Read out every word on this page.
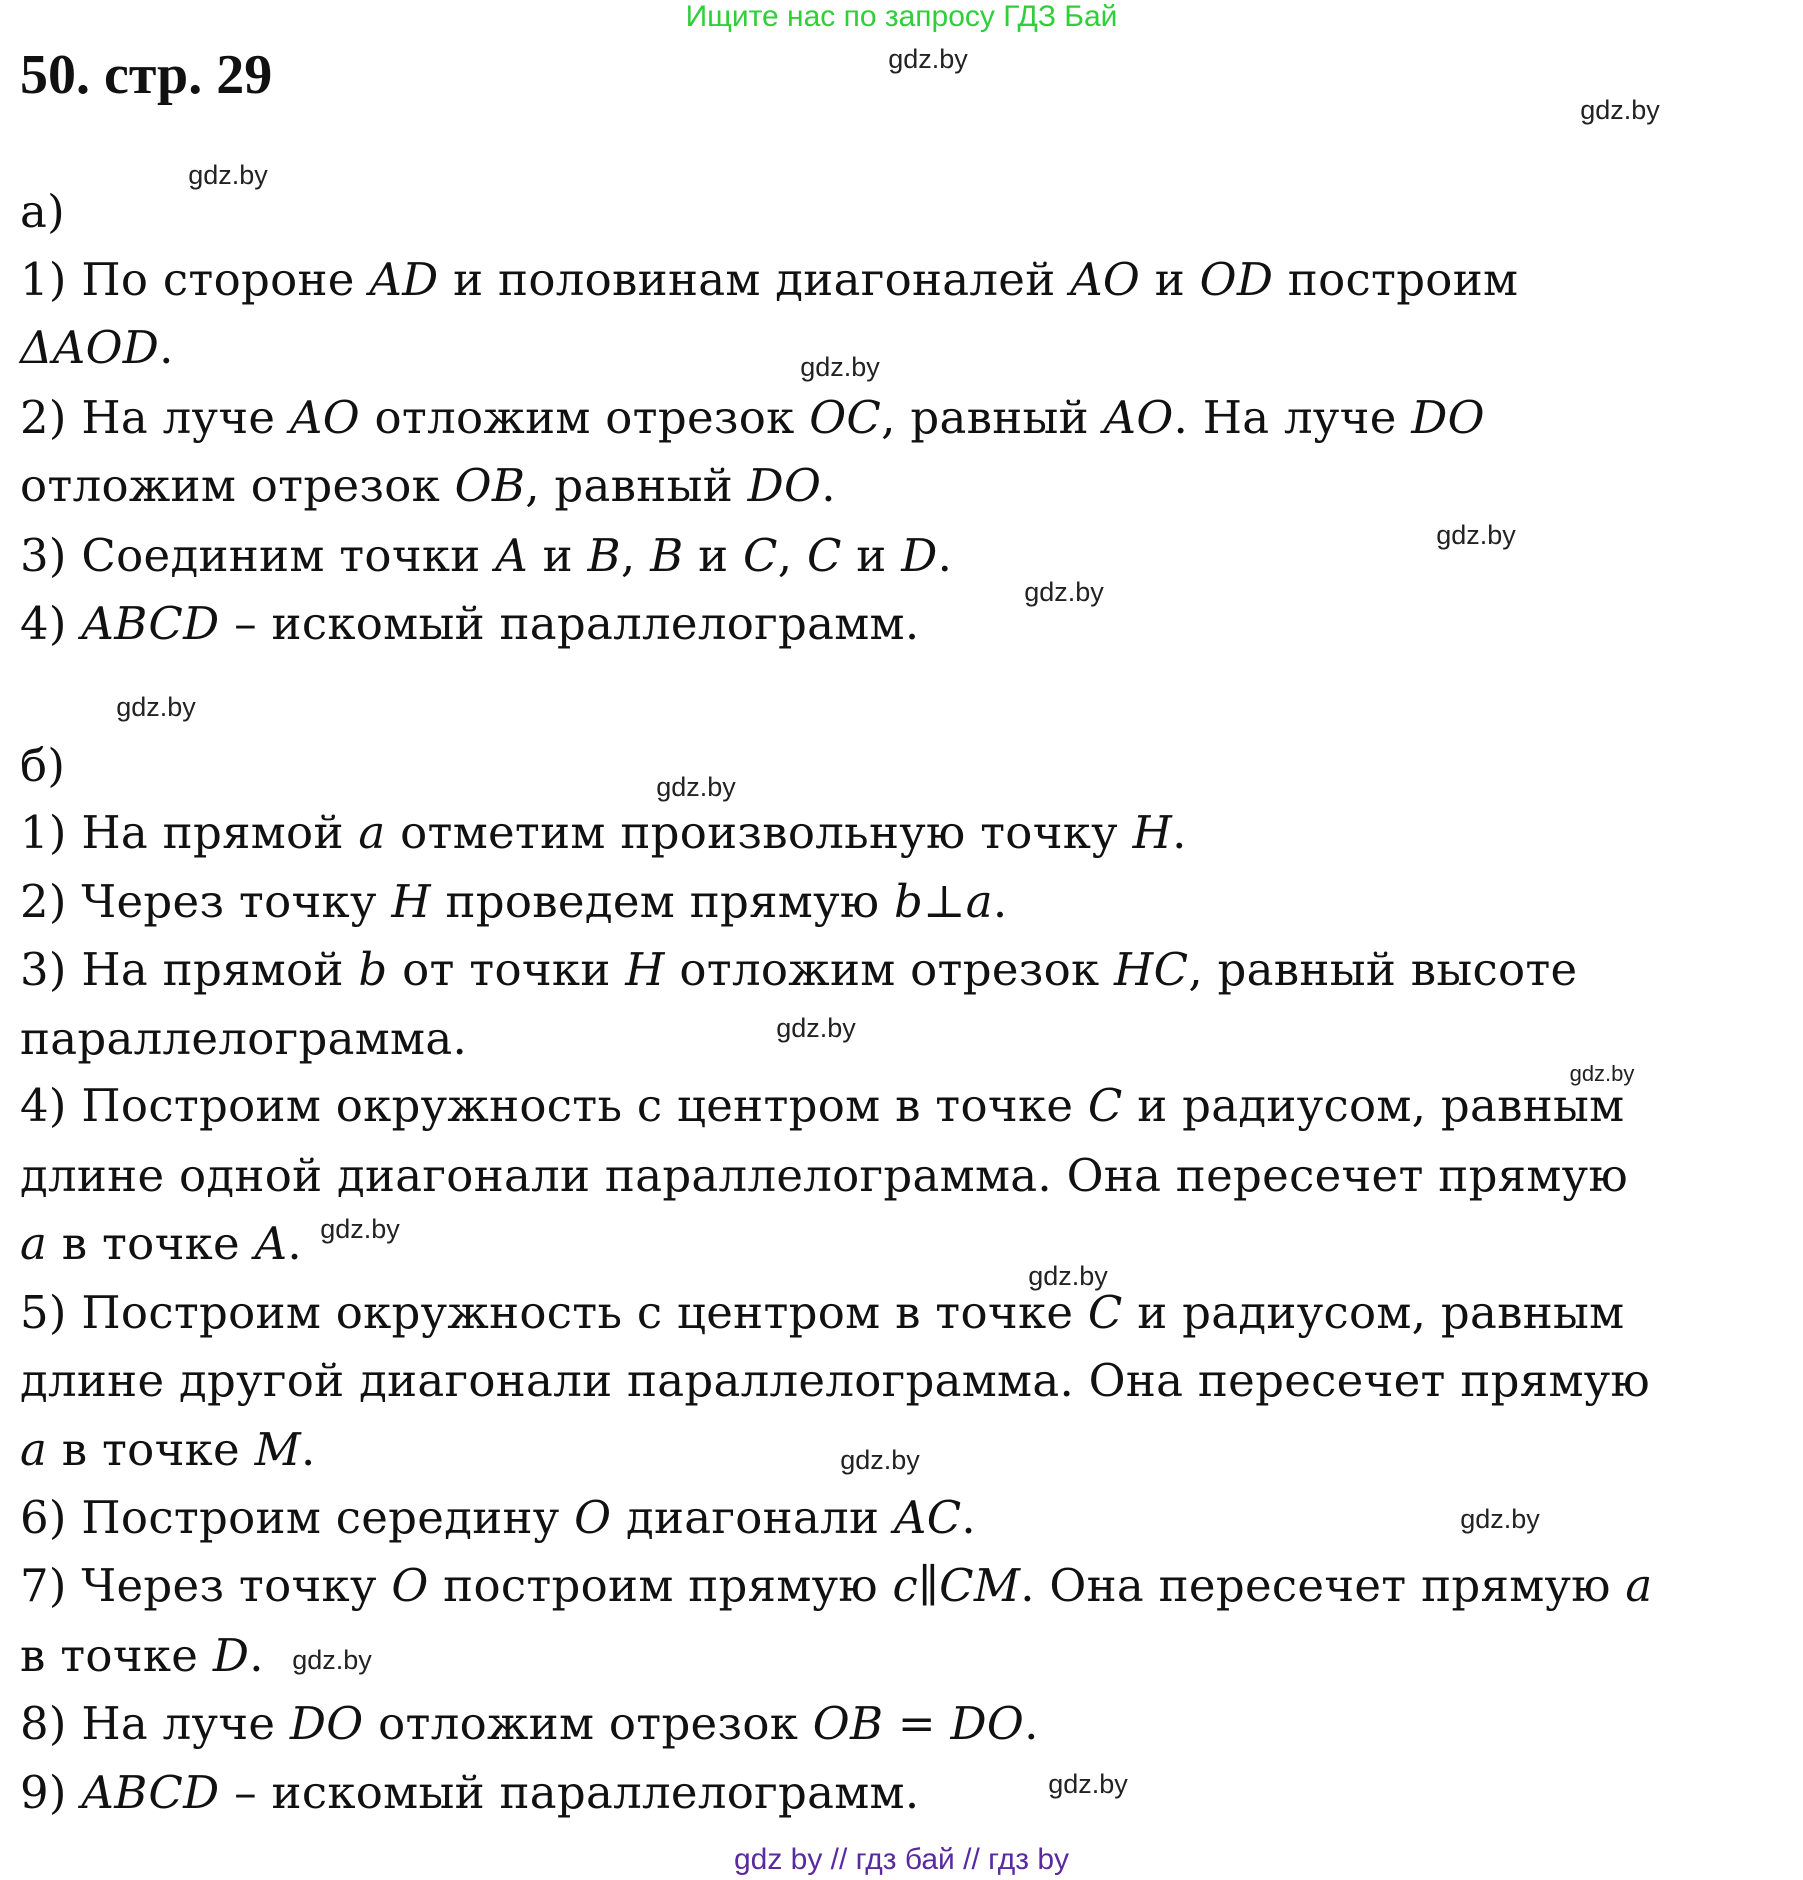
Ищите нас по запросу ГДЗ Бай
50. стр. 29
а)
1) По стороне AD и половинам диагоналей AO и OD построим
ΔAOD.
2) На луче AO отложим отрезок OC, равный AO. На луче DO
отложим отрезок OB, равный DO.
3) Соединим точки A и B, B и C, C и D.
4) ABCD – искомый параллелограмм.
б)
1) На прямой a отметим произвольную точку H.
2) Через точку H проведем прямую b⊥a.
3) На прямой b от точки H отложим отрезок HC, равный высоте
параллелограмма.
4) Построим окружность с центром в точке C и радиусом, равным
длине одной диагонали параллелограмма. Она пересечет прямую
a в точке A.
5) Построим окружность с центром в точке C и радиусом, равным
длине другой диагонали параллелограмма. Она пересечет прямую
a в точке M.
6) Построим середину O диагонали AC.
7) Через точку O построим прямую c∥CM. Она пересечет прямую a
в точке D.
8) На луче DO отложим отрезок OB = DO.
9) ABCD – искомый параллелограмм.
gdz.by
gdz.by
gdz.by
gdz.by
gdz.by
gdz.by
gdz.by
gdz.by
gdz.by
gdz.by
gdz.by
gdz.by
gdz.by
gdz.by
gdz.by
gdz.by
gdz by // гдз бай // гдз by
